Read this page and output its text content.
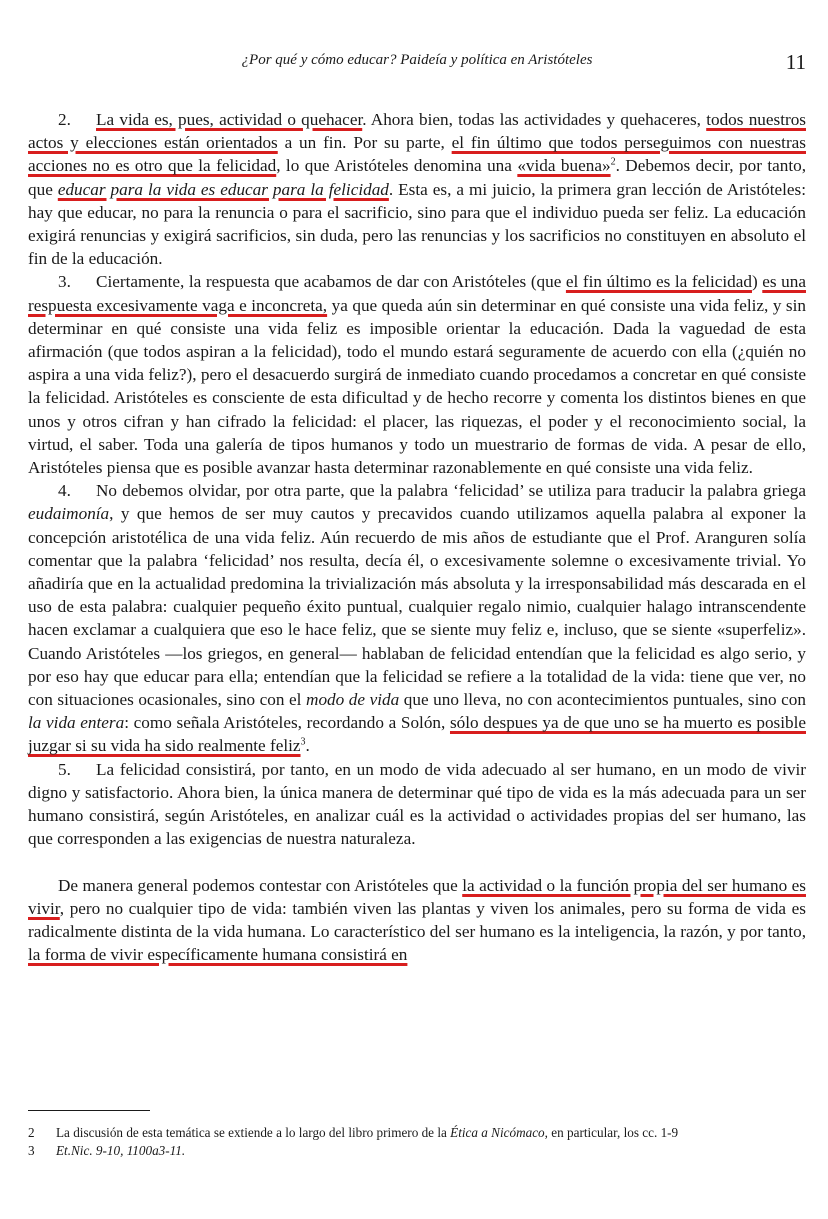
¿Por qué y cómo educar? Paideía y política en Aristóteles	11

2. La vida es, pues, actividad o quehacer. Ahora bien, todas las actividades y quehaceres, todos nuestros actos y elecciones están orientados a un fin. Por su parte, el fin último que todos perseguimos con nuestras acciones no es otro que la felicidad, lo que Aristóteles denomina una «vida buena»$^2$. Debemos decir, por tanto, que educar para la vida es educar para la felicidad. Esta es, a mi juicio, la primera gran lección de Aristóteles: hay que educar, no para la renuncia o para el sacrificio, sino para que el individuo pueda ser feliz. La educación exigirá renuncias y exigirá sacrificios, sin duda, pero las renuncias y los sacrificios no constituyen en absoluto el fin de la educación.

3. Ciertamente, la respuesta que acabamos de dar con Aristóteles (que el fin último es la felicidad) es una respuesta excesivamente vaga e inconcreta, ya que queda aún sin determinar en qué consiste una vida feliz, y sin determinar en qué consiste una vida feliz es imposible orientar la educación. Dada la vaguedad de esta afirmación (que todos aspiran a la felicidad), todo el mundo estará seguramente de acuerdo con ella (¿quién no aspira a una vida feliz?), pero el desacuerdo surgirá de inmediato cuando procedamos a concretar en qué consiste la felicidad. Aristóteles es consciente de esta dificultad y de hecho recorre y comenta los distintos bienes en que unos y otros cifran y han cifrado la felicidad: el placer, las riquezas, el poder y el reconocimiento social, la virtud, el saber. Toda una galería de tipos humanos y todo un muestrario de formas de vida. A pesar de ello, Aristóteles piensa que es posible avanzar hasta determinar razonablemente en qué consiste una vida feliz.

4. No debemos olvidar, por otra parte, que la palabra ‘felicidad’ se utiliza para traducir la palabra griega eudaimonía, y que hemos de ser muy cautos y precavidos cuando utilizamos aquella palabra al exponer la concepción aristotélica de una vida feliz. Aún recuerdo de mis años de estudiante que el Prof. Aranguren solía comentar que la palabra ‘felicidad’ nos resulta, decía él, o excesivamente solemne o excesivamente trivial. Yo añadiría que en la actualidad predomina la trivialización más absoluta y la irresponsabilidad más descarada en el uso de esta palabra: cualquier pequeño éxito puntual, cualquier regalo nimio, cualquier halago intranscendente hacen exclamar a cualquiera que eso le hace feliz, que se siente muy feliz e, incluso, que se siente «superfeliz». Cuando Aristóteles —los griegos, en general— hablaban de felicidad entendían que la felicidad es algo serio, y por eso hay que educar para ella; entendían que la felicidad se refiere a la totalidad de la vida: tiene que ver, no con situaciones ocasionales, sino con el modo de vida que uno lleva, no con acontecimientos puntuales, sino con la vida entera: como señala Aristóteles, recordando a Solón, sólo despues ya de que uno se ha muerto es posible juzgar si su vida ha sido realmente feliz$^3$.

5. La felicidad consistirá, por tanto, en un modo de vida adecuado al ser humano, en un modo de vivir digno y satisfactorio. Ahora bien, la única manera de determinar qué tipo de vida es la más adecuada para un ser humano consistirá, según Aristóteles, en analizar cuál es la actividad o actividades propias del ser humano, las que corresponden a las exigencias de nuestra naturaleza.

De manera general podemos contestar con Aristóteles que la actividad o la función propia del ser humano es vivir, pero no cualquier tipo de vida: también viven las plantas y viven los animales, pero su forma de vida es radicalmente distinta de la vida humana. Lo característico del ser humano es la inteligencia, la razón, y por tanto, la forma de vivir específicamente humana consistirá en

2	La discusión de esta temática se extiende a lo largo del libro primero de la Ética a Nicómaco, en particular, los cc. 1-9
3	Et.Nic. 9-10, 1100a3-11.
